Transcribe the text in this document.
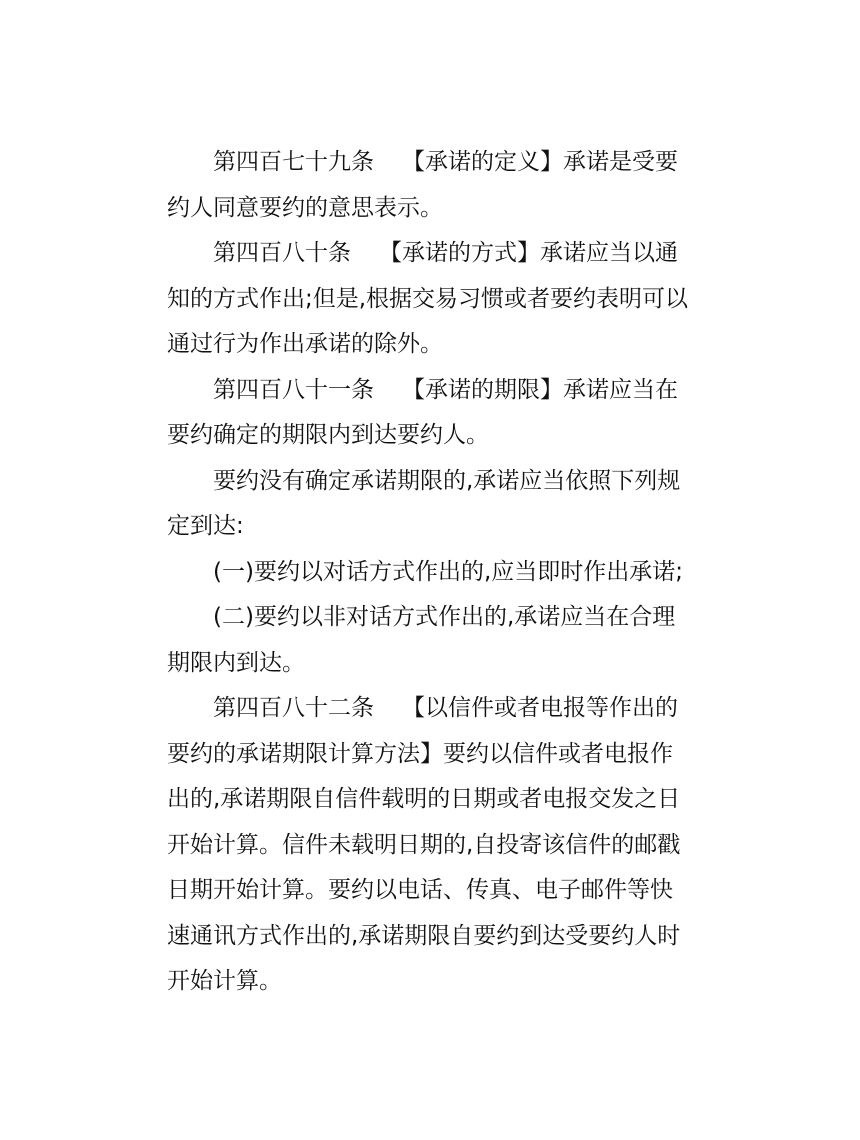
第四百七十九条 【承诺的定义】承诺是受要
约人同意要约的意思表示。
第四百八十条 【承诺的方式】承诺应当以通
知的方式作出;但是,根据交易习惯或者要约表明可以
通过行为作出承诺的除外。
第四百八十一条 【承诺的期限】承诺应当在
要约确定的期限内到达要约人。
要约没有确定承诺期限的,承诺应当依照下列规
定到达:
(一)要约以对话方式作出的,应当即时作出承诺;
(二)要约以非对话方式作出的,承诺应当在合理
期限内到达。
第四百八十二条 【以信件或者电报等作出的
要约的承诺期限计算方法】要约以信件或者电报作
出的,承诺期限自信件载明的日期或者电报交发之日
开始计算。信件未载明日期的,自投寄该信件的邮戳
日期开始计算。要约以电话、传真、电子邮件等快
速通讯方式作出的,承诺期限自要约到达受要约人时
开始计算。
